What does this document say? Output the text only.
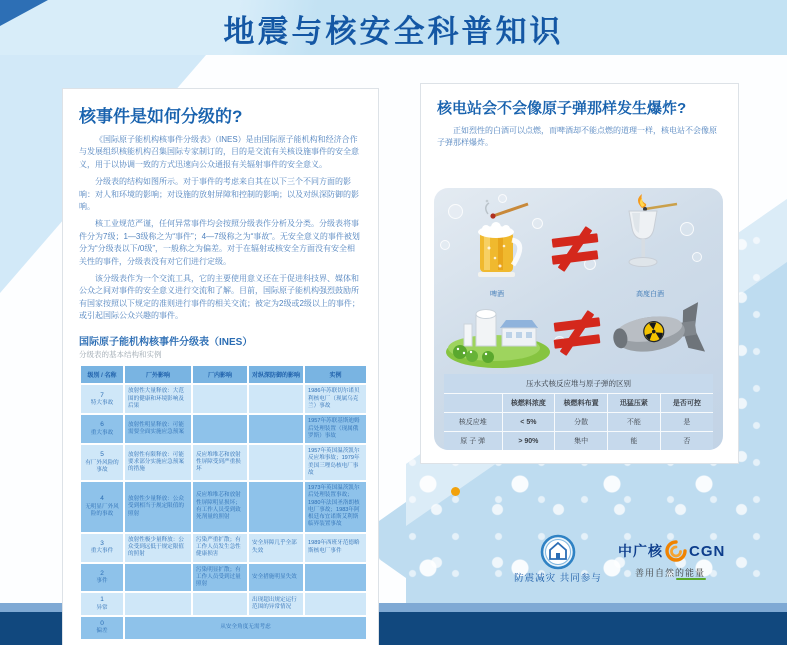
地震与核安全科普知识
核事件是如何分级的?

《国际原子能机构核事件分级表》（INES）是由国际原子能机构和经济合作与发展组织核能机构召集国际专家制订的，目的是交流有关核设施事件的安全意义，用于以协调一致的方式迅速向公众通报有关辐射事件的安全意义。

分级表的结构如图所示。对于事件的考虑来自其在以下三个不同方面的影响：对人和环境的影响；对设施的放射屏障和控制的影响；以及对纵深防御的影响。

核工业规范严谨，任何异常事件均会按照分级表作分析及分类。分级表将事件分为7级；1—3级称之为“事件”；4—7级称之为“事故”。无安全意义的事件被划分为“分级表以下/0级”，一般称之为偏差。对于在辐射或核安全方面没有安全相关性的事件，分级表没有对它们进行定级。

该分级表作为一个交流工具，它的主要使用意义还在于促进科技界、媒体和公众之间对事件的安全意义进行交流和了解。目前，国际原子能机构强烈鼓励所有国家按照以下规定的准则进行事件的相关交流；被定为2级或2级以上的事件；或引起国际公众兴趣的事件。

国际原子能机构核事件分级表（INES）
分级表的基本结构和实例
级别 / 名称	厂外影响	厂内影响	对纵深防御的影响	实例

7
特大事故	放射性大量释放：大范围的健康和环境影响及后果			1986年苏联切尔诺贝利核电厂（现属乌克兰）事故

6
重大事故	放射性明显释放：可能需要全面实施应急预案			1957年苏联基斯迪姆后处理装置（现属俄罗斯）事故

5
有厂外风险的事故	放射性有限释放：可能要求部分实施应急预案的措施	反应堆堆芯和放射性屏障受到严重损坏		1957年英国温茨凯尔反应堆事故；1979年美国三哩岛核电厂事故

4
无明显厂外风险的事故	放射性少量释放：公众受到相当于规定限值的照射	反应堆堆芯和放射性屏障明显损坏；有工作人员受到致死剂量的照射		1973年英国温茨凯尔后处理装置事故；1980年法国圣洛朗核电厂事故；1983年阿根廷布宜诺斯艾利斯临界装置事故

3
重大事件	放射性极少量释放：公众受到远低于规定限值的照射	污染严重扩散；有工作人员发生急性健康损害	安全屏障几乎全部失效	1989年西班牙范德略斯核电厂事件

2
事件		污染明显扩散；有工作人员受到过量照射	安全措施明显失效	

1
异常			出现超出规定运行范围的异常情况	

0
偏差	从安全角度无需考虑			
核电站会不会像原子弹那样发生爆炸?

正如烈性的白酒可以点燃，而啤酒却不能点燃的道理一样，核电站不会像原子弹那样爆炸。

啤酒	高度白酒
压水式核反应堆与原子弹的区别				
	核燃料浓度	核燃料布置	迅猛压紧	是否可控
核反应堆	< 5%	分散	不能	是
原 子 弹	> 90%	集中	能	否
防震减灾 共同参与
中广核 CGN
善用自然的能量
